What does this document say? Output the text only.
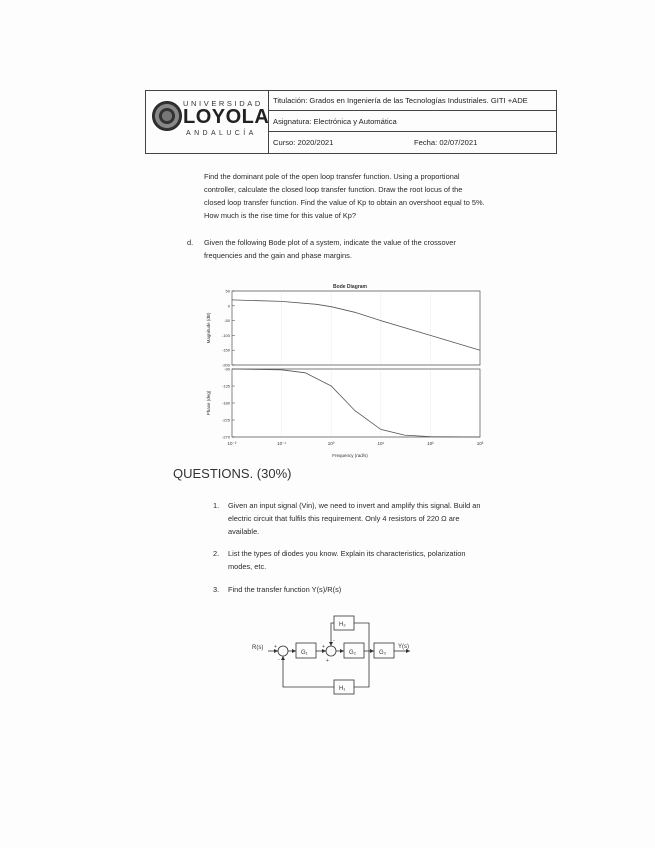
UNIVERSIDAD
LOYOLA
ANDALUCÍA
Titulación: Grados en Ingeniería de las Tecnologías Industriales. GITI +ADE
Asignatura: Electrónica y Automática
Curso: 2020/2021	Fecha: 02/07/2021
Find the dominant pole of the open loop transfer function. Using a proportional
controller, calculate the closed loop transfer function. Draw the root locus of the
closed loop transfer function. Find the value of Kp to obtain an overshoot equal to 5%.
How much is the rise time for this value of Kp?
d. Given the following Bode plot of a system, indicate the value of the crossover
frequencies and the gain and phase margins.
Bode Diagram
Frequency (rad/s)
50
0
-50
-100
-150
-200
Magnitude (dB)
-90
-135
-180
-225
-270
Phase (deg)
10⁻²	10⁻¹	10⁰	10¹	10²	10³
QUESTIONS. (30%)
1. Given an input signal (Vin), we need to invert and amplify this signal. Build an
electric circuit that fulfils this requirement. Only 4 resistors of 220 Ω are
available.
2. List the types of diodes you know. Explain its characteristics, polarization
modes, etc.
3. Find the transfer function Y(s)/R(s)
R(s)	Y(s)
G₁	G₂	G₃
H₂
H₁
+
-
+
+
-
